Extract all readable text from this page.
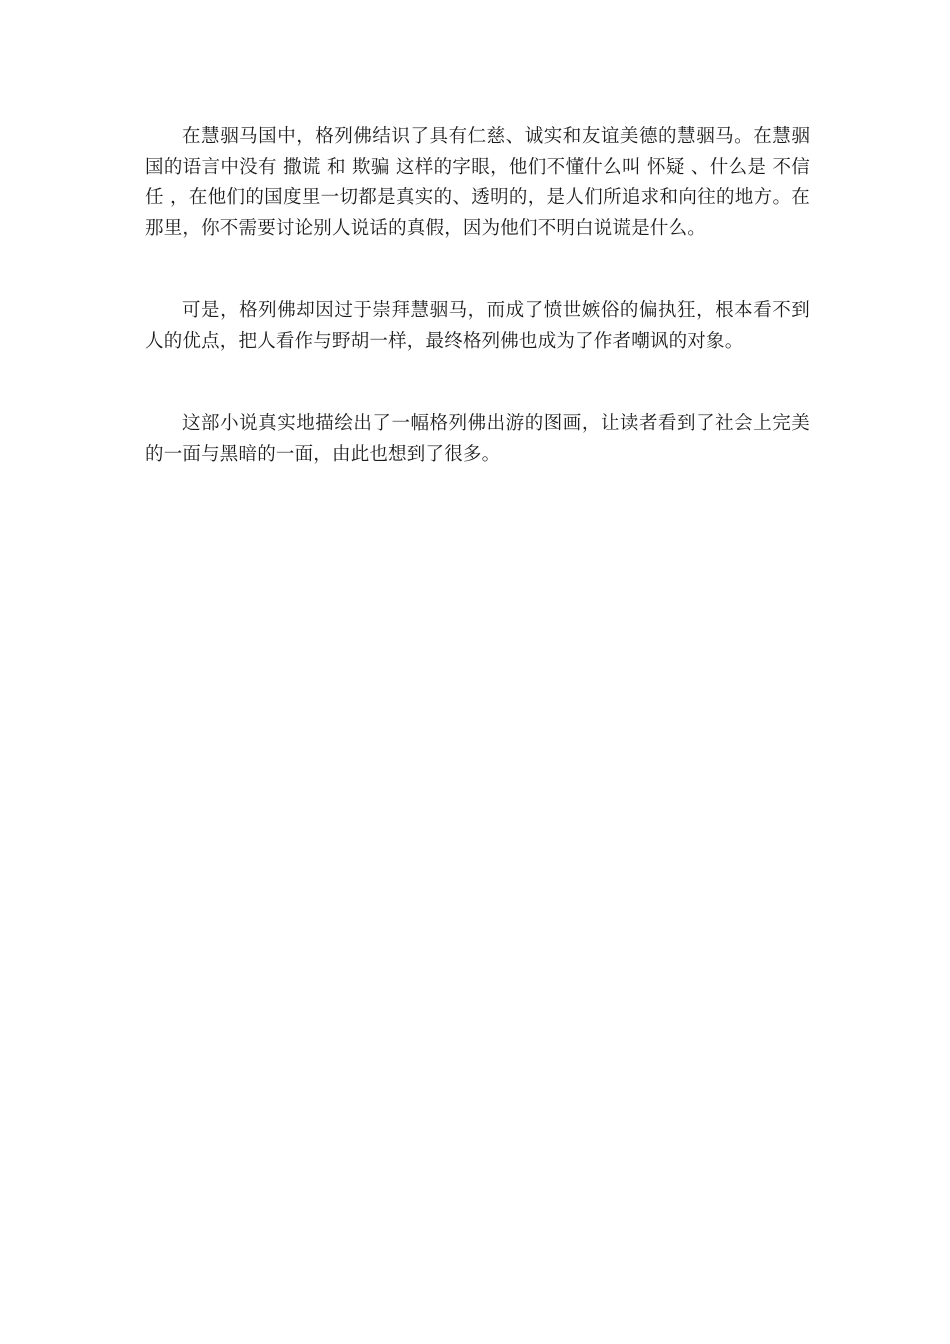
在慧骃马国中，格列佛结识了具有仁慈、诚实和友谊美德的慧骃马。在慧骃国的语言中没有 撒谎 和 欺骗 这样的字眼，他们不懂什么叫 怀疑 、什么是 不信任 ，在他们的国度里一切都是真实的、透明的，是人们所追求和向往的地方。在那里，你不需要讨论别人说话的真假，因为他们不明白说谎是什么。

可是，格列佛却因过于崇拜慧骃马，而成了愤世嫉俗的偏执狂，根本看不到人的优点，把人看作与野胡一样，最终格列佛也成为了作者嘲讽的对象。

这部小说真实地描绘出了一幅格列佛出游的图画，让读者看到了社会上完美的一面与黑暗的一面，由此也想到了很多。
